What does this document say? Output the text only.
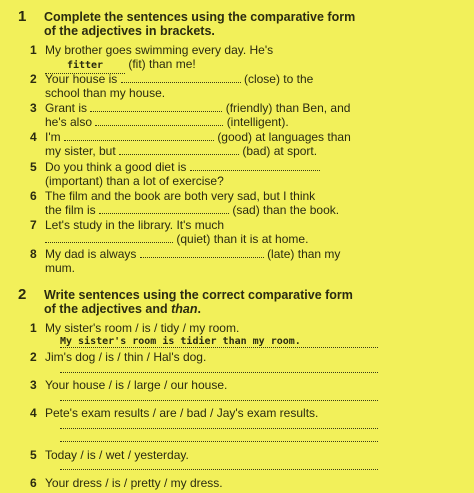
1 Complete the sentences using the comparative form
of the adjectives in brackets.
1 My brother goes swimming every day. He's
fitter (fit) than me!
2 Your house is	(close) to the
school than my house.
3 Grant is	(friendly) than Ben, and
he's also	(intelligent).
4 I'm	(good) at languages than
my sister, but	(bad) at sport.
5 Do you think a good diet is
(important) than a lot of exercise?
6 The film and the book are both very sad, but I think
the film is	(sad) than the book.
7 Let's study in the library. It's much
(quiet) than it is at home.
8 My dad is always	(late) than my
mum.
2 Write sentences using the correct comparative form
of the adjectives and than.
1 My sister's room / is / tidy / my room.
My sister's room is tidier than my room.
2 Jim's dog / is / thin / Hal's dog.
3 Your house / is / large / our house.
4 Pete's exam results / are / bad / Jay's exam results.
5 Today / is / wet / yesterday.
6 Your dress / is / pretty / my dress.
